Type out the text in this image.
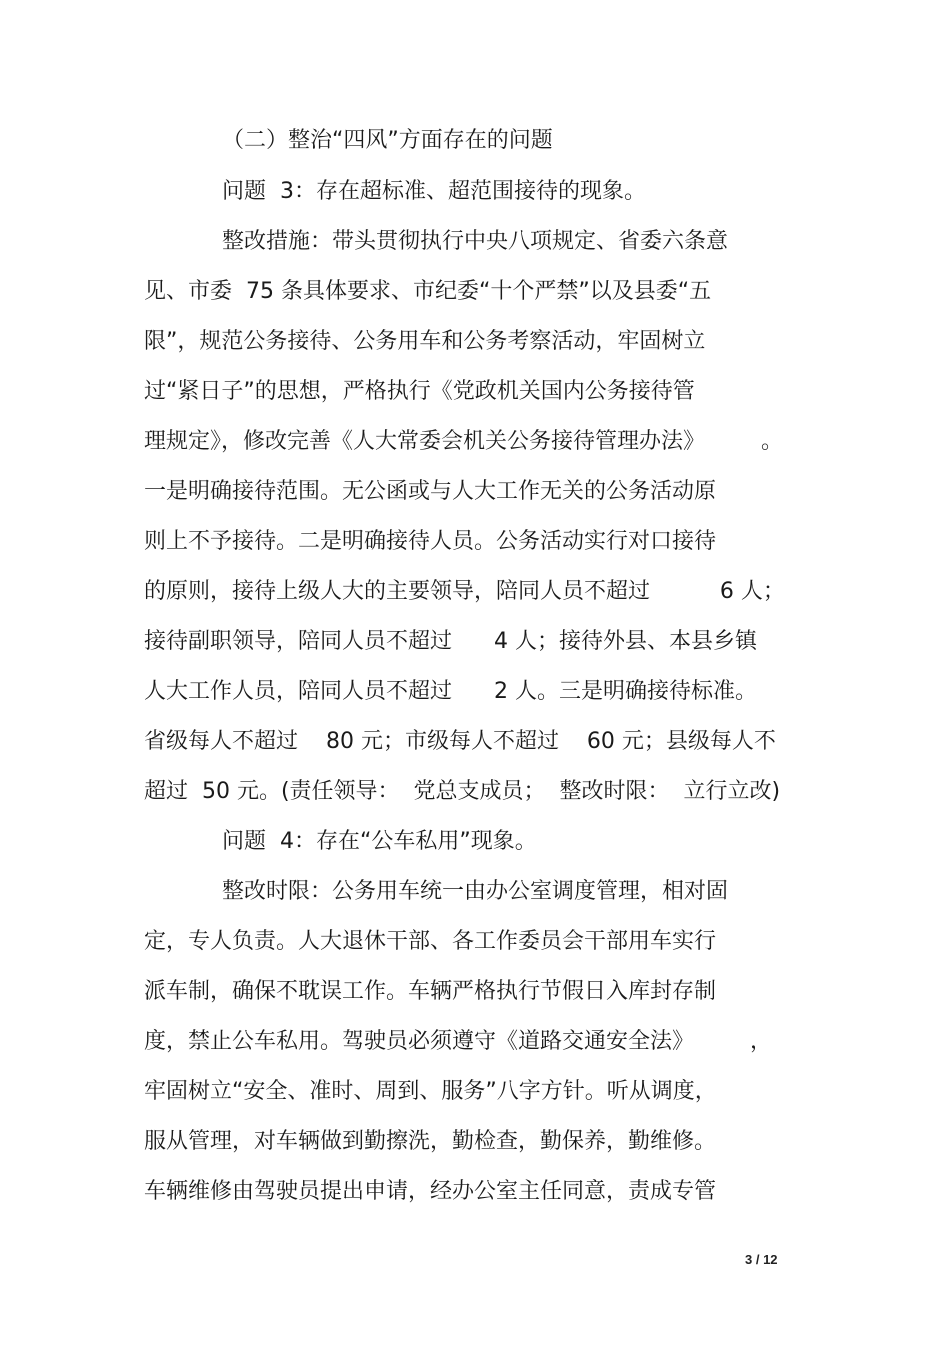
（二）整治“四风”方面存在的问题

问题  3：存在超标准、超范围接待的现象。

整改措施：带头贯彻执行中央八项规定、省委六条意

见、市委  75 条具体要求、市纪委“十个严禁”以及县委“五

限”，规范公务接待、公务用车和公务考察活动，牢固树立

过“紧日子”的思想，严格执行《党政机关国内公务接待管

理规定》，修改完善《人大常委会机关公务接待管理办法》        。

一是明确接待范围。无公函或与人大工作无关的公务活动原

则上不予接待。二是明确接待人员。公务活动实行对口接待

的原则，接待上级人大的主要领导，陪同人员不超过          6 人；

接待副职领导，陪同人员不超过      4 人；接待外县、本县乡镇

人大工作人员，陪同人员不超过      2 人。三是明确接待标准。

省级每人不超过    80 元；市级每人不超过    60 元；县级每人不

超过  50 元。(责任领导：  党总支成员；  整改时限：  立行立改)

问题  4：存在“公车私用”现象。

整改时限：公务用车统一由办公室调度管理，相对固

定，专人负责。人大退休干部、各工作委员会干部用车实行

派车制，确保不耽误工作。车辆严格执行节假日入库封存制

度，禁止公车私用。驾驶员必须遵守《道路交通安全法》        ，

牢固树立“安全、准时、周到、服务”八字方针。听从调度，

服从管理，对车辆做到勤擦洗，勤检查，勤保养，勤维修。

车辆维修由驾驶员提出申请，经办公室主任同意，责成专管

3 / 12
